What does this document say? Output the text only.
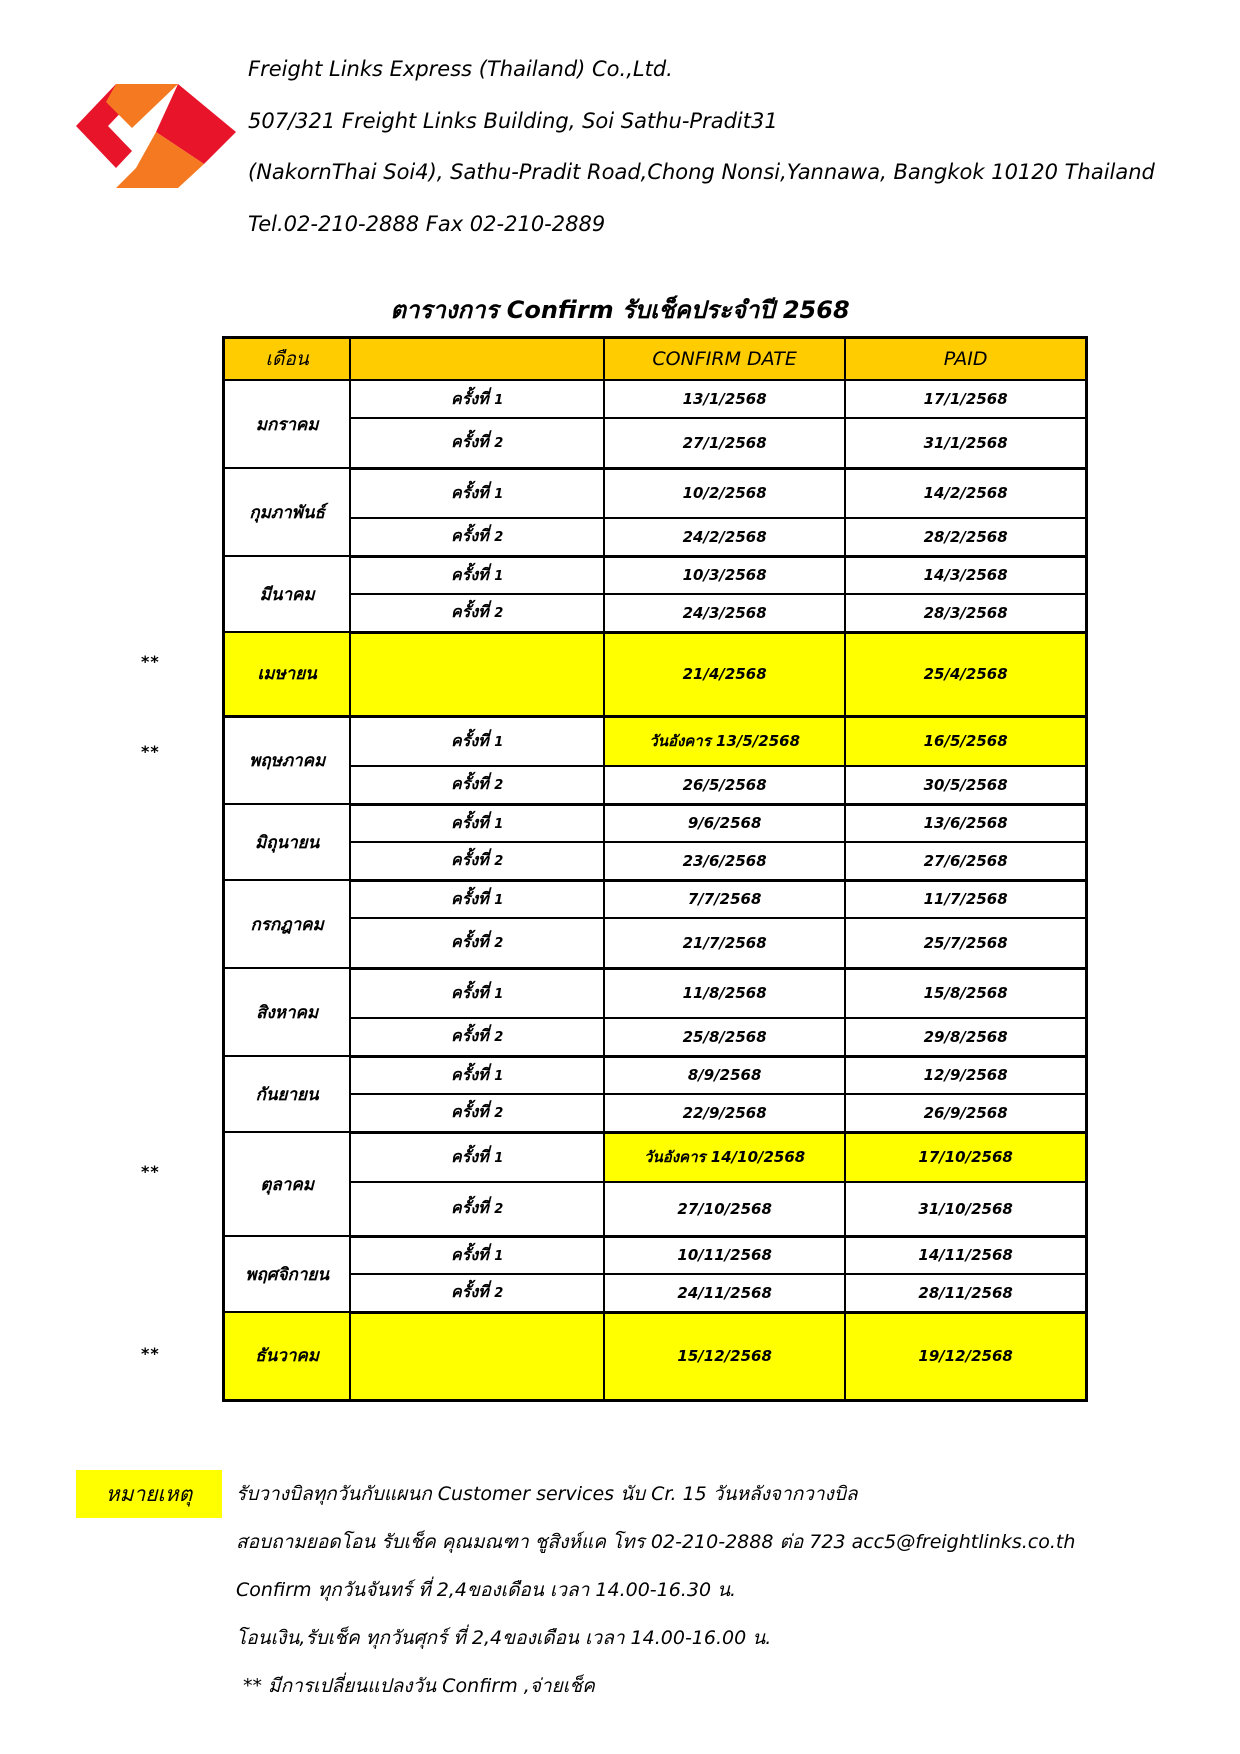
Freight Links Express (Thailand) Co.,Ltd.
507/321 Freight Links Building, Soi Sathu-Pradit31
(NakornThai Soi4), Sathu-Pradit Road,Chong Nonsi,Yannawa, Bangkok 10120 Thailand
Tel.02-210-2888 Fax 02-210-2889
ตารางการ Confirm รับเช็คประจำปี 2568
เดือน		CONFIRM DATE	PAID
มกราคม	ครั้งที่ 1	13/1/2568	17/1/2568
	ครั้งที่ 2	27/1/2568	31/1/2568
กุมภาพันธ์	ครั้งที่ 1	10/2/2568	14/2/2568
	ครั้งที่ 2	24/2/2568	28/2/2568
มีนาคม	ครั้งที่ 1	10/3/2568	14/3/2568
	ครั้งที่ 2	24/3/2568	28/3/2568
เมษายน		21/4/2568	25/4/2568
พฤษภาคม	ครั้งที่ 1	วันอังคาร 13/5/2568	16/5/2568
	ครั้งที่ 2	26/5/2568	30/5/2568
มิถุนายน	ครั้งที่ 1	9/6/2568	13/6/2568
	ครั้งที่ 2	23/6/2568	27/6/2568
กรกฎาคม	ครั้งที่ 1	7/7/2568	11/7/2568
	ครั้งที่ 2	21/7/2568	25/7/2568
สิงหาคม	ครั้งที่ 1	11/8/2568	15/8/2568
	ครั้งที่ 2	25/8/2568	29/8/2568
กันยายน	ครั้งที่ 1	8/9/2568	12/9/2568
	ครั้งที่ 2	22/9/2568	26/9/2568
ตุลาคม	ครั้งที่ 1	วันอังคาร 14/10/2568	17/10/2568
	ครั้งที่ 2	27/10/2568	31/10/2568
พฤศจิกายน	ครั้งที่ 1	10/11/2568	14/11/2568
	ครั้งที่ 2	24/11/2568	28/11/2568
ธันวาคม		15/12/2568	19/12/2568
หมายเหตุ	รับวางบิลทุกวันกับแผนก Customer services นับ Cr. 15 วันหลังจากวางบิล
สอบถามยอดโอน รับเช็ค คุณมณฑา ชูสิงห์แค โทร 02-210-2888 ต่อ 723 acc5@freightlinks.co.th
Confirm ทุกวันจันทร์ ที่ 2,4ของเดือน เวลา 14.00-16.30 น.
โอนเงิน,รับเช็ค ทุกวันศุกร์ ที่ 2,4ของเดือน เวลา 14.00-16.00 น.
** มีการเปลี่ยนแปลงวัน Confirm ,จ่ายเช็ค
**
**
**
**
